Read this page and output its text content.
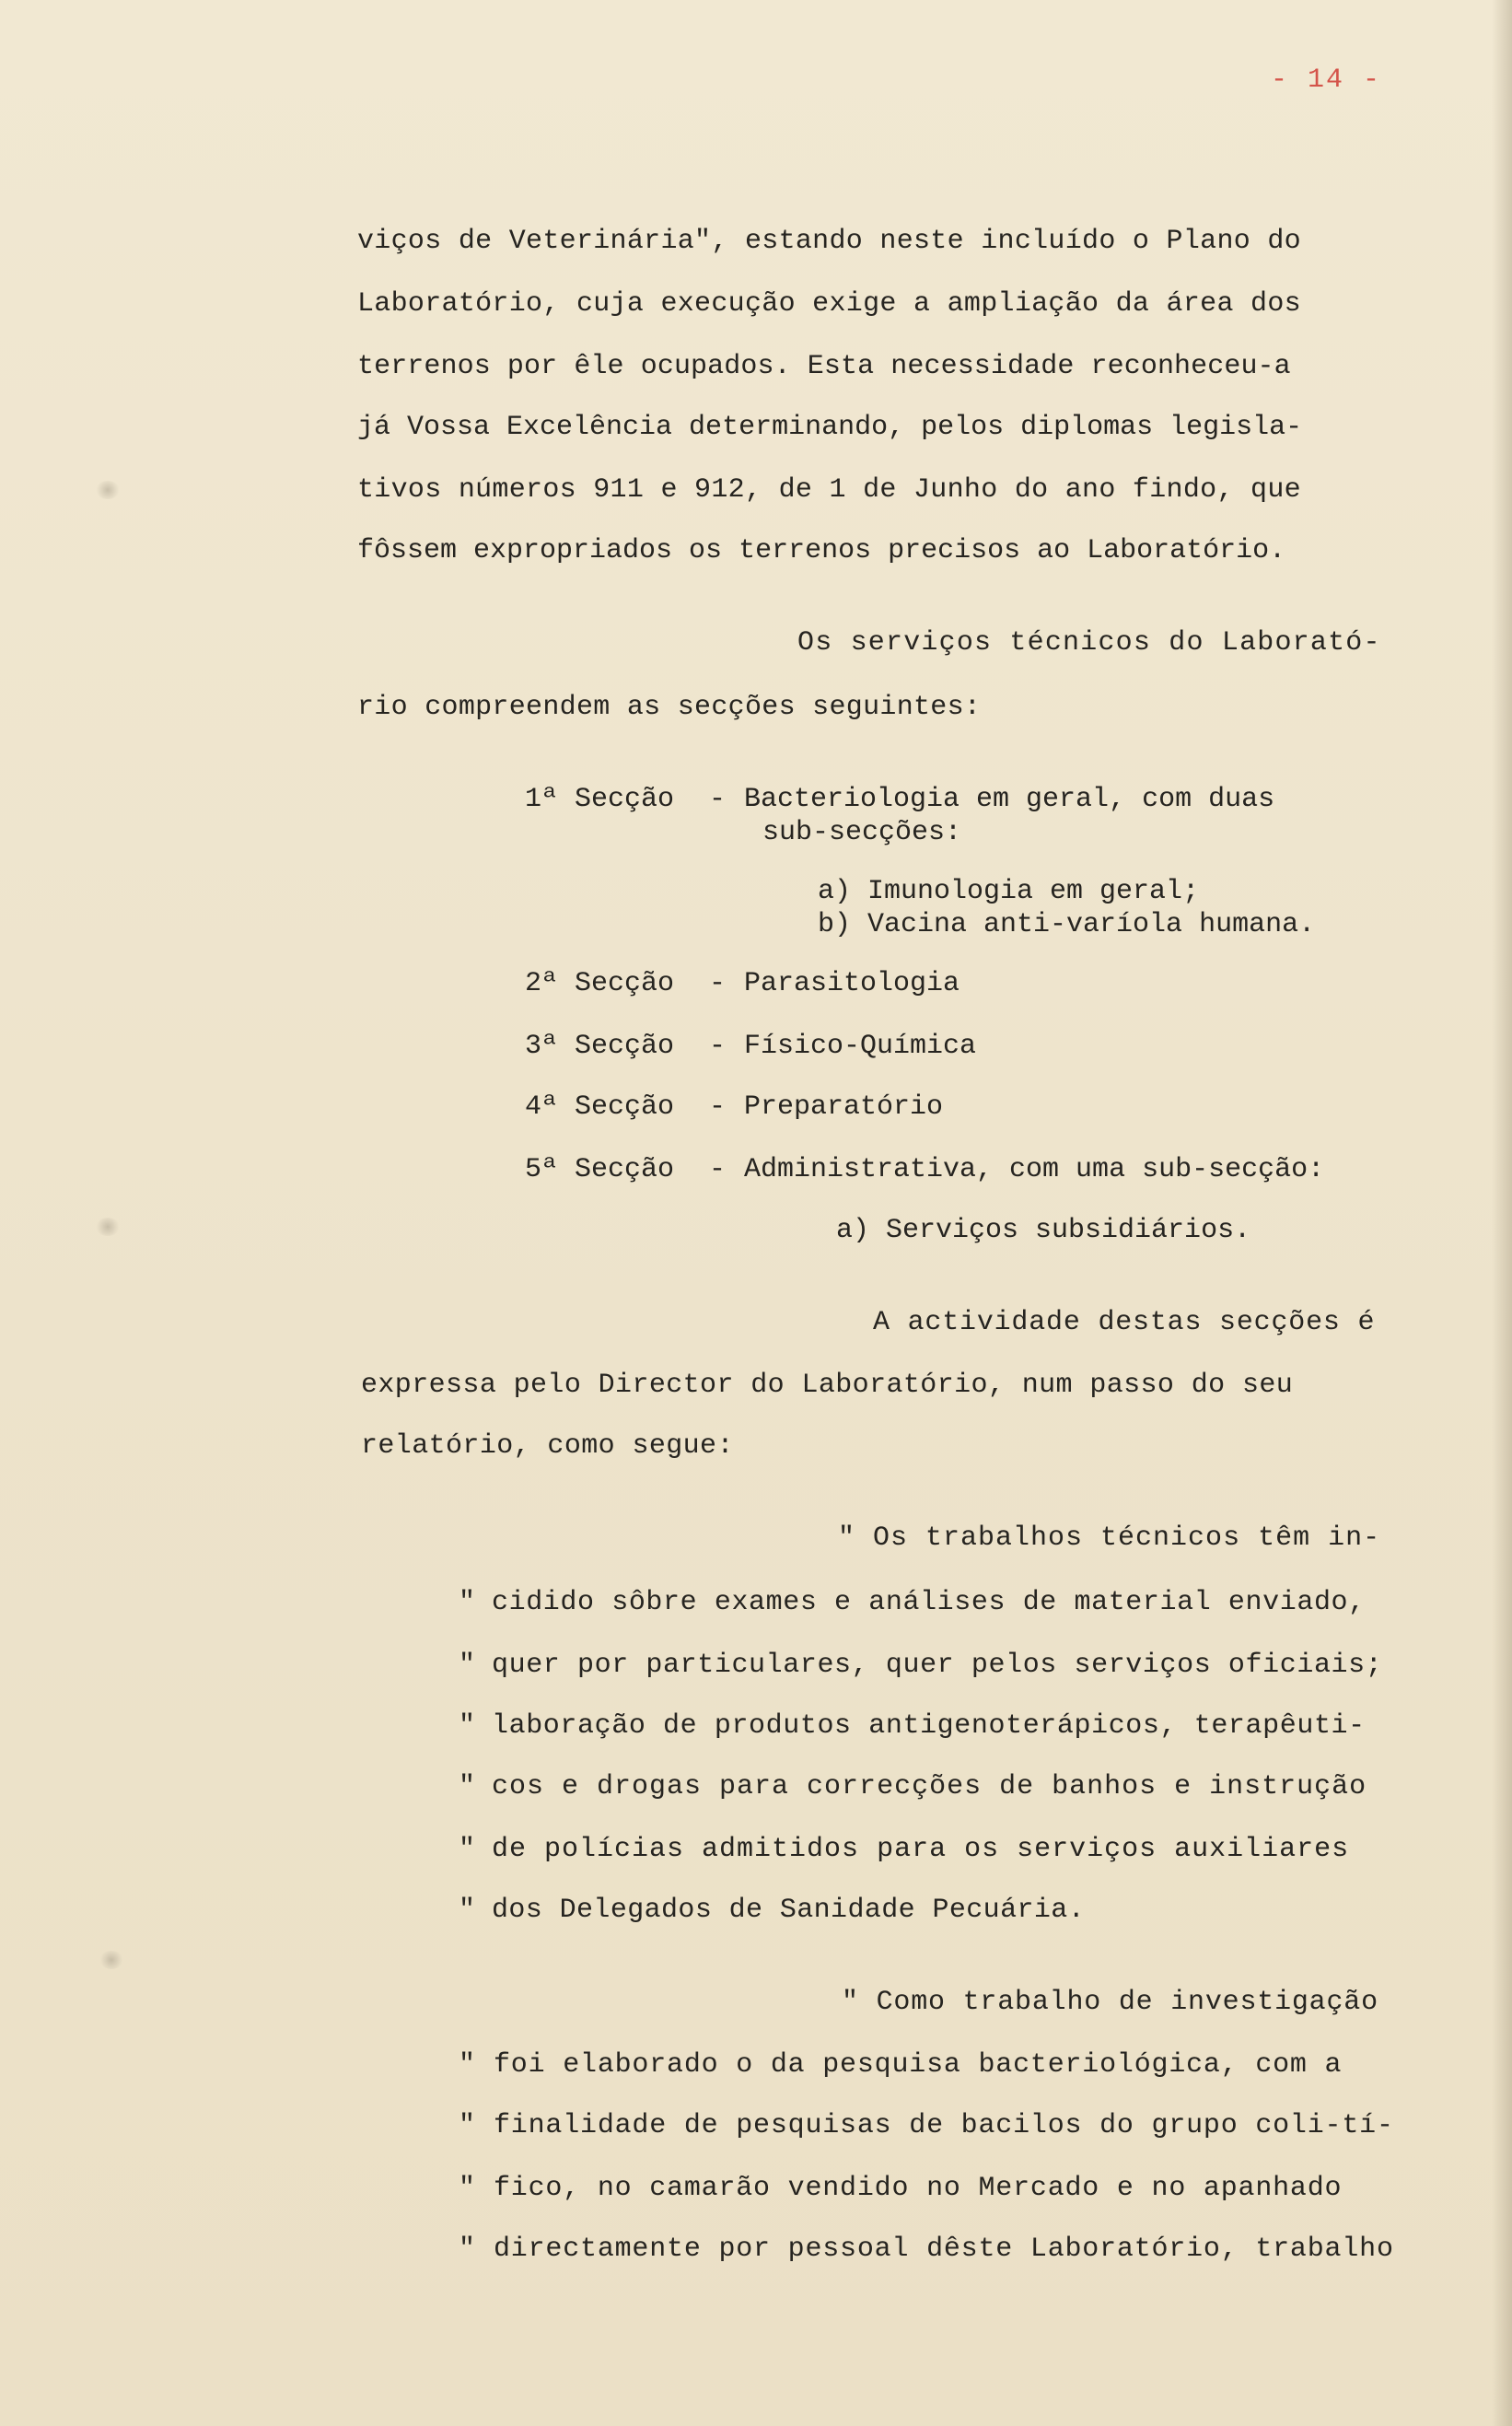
- 14 -
viços de Veterinária", estando neste incluído o Plano do
Laboratório, cuja execução exige a ampliação da área dos
terrenos por êle ocupados. Esta necessidade reconheceu-a
já Vossa Excelência determinando, pelos diplomas legisla-
tivos números 911 e 912, de 1 de Junho do ano findo, que
fôssem expropriados os terrenos precisos ao Laboratório.
Os serviços técnicos do Laborató-
rio compreendem as secções seguintes:
1ª Secção - Bacteriologia em geral, com duas
sub-secções:
a) Imunologia em geral;
b) Vacina anti-varíola humana.
2ª Secção - Parasitologia
3ª Secção - Físico-Química
4ª Secção - Preparatório
5ª Secção - Administrativa, com uma sub-secção:
a) Serviços subsidiários.
A actividade destas secções é
expressa pelo Director do Laboratório, num passo do seu
relatório, como segue:
" Os trabalhos técnicos têm in-
" cidido sôbre exames e análises de material enviado,
" quer por particulares, quer pelos serviços oficiais;
" laboração de produtos antigenoterápicos, terapêuti-
" cos e drogas para correcções de banhos e instrução
" de polícias admitidos para os serviços auxiliares
" dos Delegados de Sanidade Pecuária.
" Como trabalho de investigação
" foi elaborado o da pesquisa bacteriológica, com a
" finalidade de pesquisas de bacilos do grupo coli-tí-
" fico, no camarão vendido no Mercado e no apanhado
" directamente por pessoal dêste Laboratório, trabalho
